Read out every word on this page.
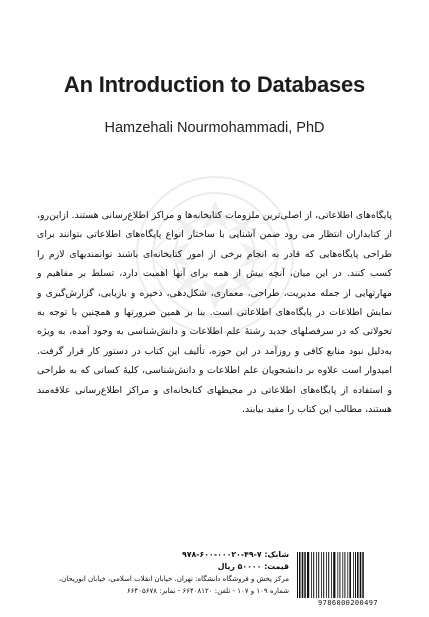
An Introduction to Databases
Hamzehali Nourmohammadi, PhD
پایگاه‌های اطلاعاتی، از اصلی‌ترین ملزومات کتابخانه‌ها و مراکز اطلاع‌رسانی هستند. ازاین‌رو، از کتابداران انتظار می رود ضمن آشنایی با ساختار انواع پایگاه‌های اطلاعاتی بتوانند برای طراحی پایگاه‌هایی که قادر به انجام برخی از امور کتابخانه‌ای باشند توانمندیهای لازم را کسب کنند. در این میان، آنچه بیش از همه برای آنها اهمیت دارد، تسلط بر مفاهیم و مهارتهایی از جمله مدیریت، طراحی، معماری، شکل‌دهی، ذخیره و بازیابی، گزارش‌گیری و نمایش اطلاعات در پایگاه‌های اطلاعاتی است. بنا بر همین ضرورتها و همچنین با توجه به تحولاتی که در سرفصلهای جدید رشتهٔ علم اطلاعات و دانش‌شناسی به وجود آمده، به ویژه به‌دلیل نبود منابع کافی و روزآمد در این حوزه، تألیف این کتاب در دستور کار قرار گرفت. امیدوار است علاوه بر دانشجویان علم اطلاعات و دانش‌شناسی، کلیهٔ کسانی که به طراحی و استفاده از پایگاه‌های اطلاعاتی در محیطهای کتابخانه‌ای و مراکز اطلاع‌رسانی علاقه‌مند هستند، مطالب این کتاب را مفید بیابند.
شابک: ۷-۴۹-۰۰۰۲۰-۶۰۰-۹۷۸
قیمت: ۵۰۰۰۰ ریال
مرکز پخش و فروشگاه دانشگاه: تهران، خیابان انقلاب اسلامی، خیابان ابوریحان،
شماره ۱۰۹ و ۱۰۷ - تلفن: ۶۶۴۰۸۱۲۰ - نمابر: ۶۶۴۰۵۶۷۸
9786000200497
